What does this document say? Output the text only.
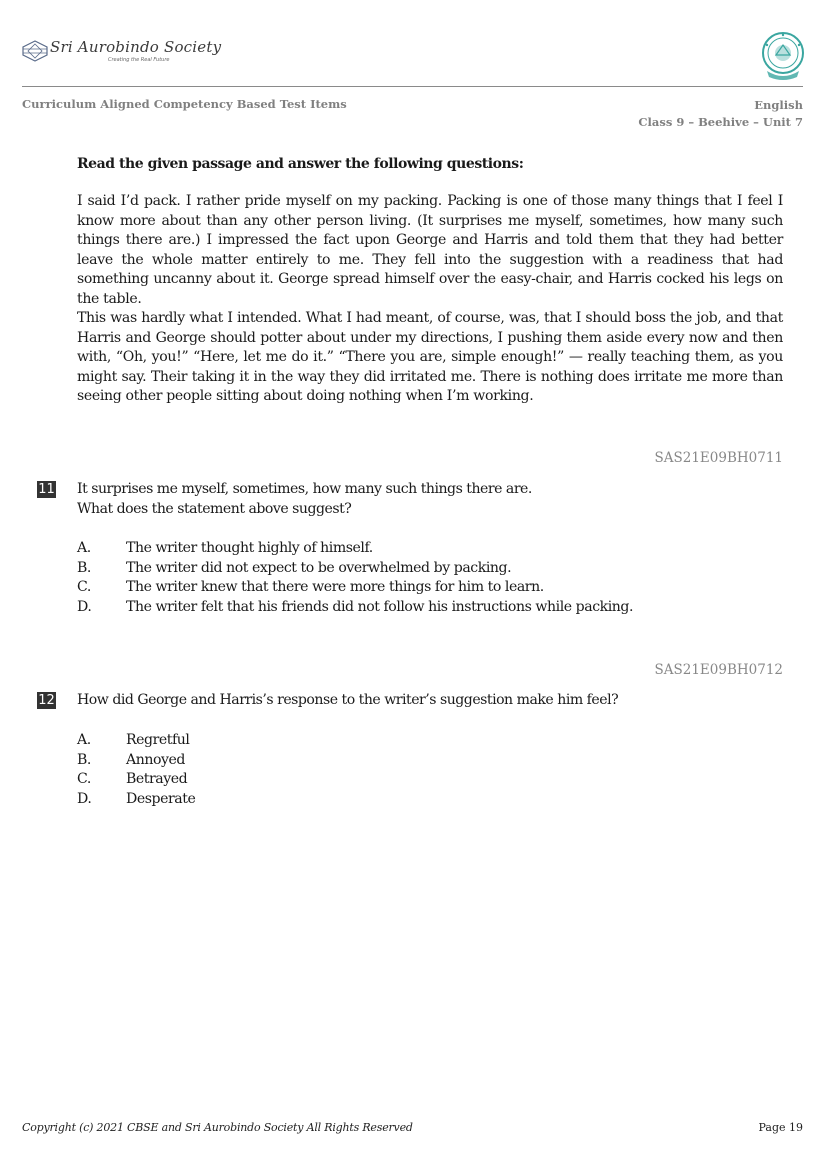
Sri Aurobindo Society
Creating the Real Future
Curriculum Aligned Competency Based Test Items	English
Class 9 – Beehive – Unit 7
Read the given passage and answer the following questions:

I said I’d pack. I rather pride myself on my packing. Packing is one of those many things that I feel I know more about than any other person living. (It surprises me myself, sometimes, how many such things there are.) I impressed the fact upon George and Harris and told them that they had better leave the whole matter entirely to me. They fell into the suggestion with a readiness that had something uncanny about it. George spread himself over the easy-chair, and Harris cocked his legs on the table.

This was hardly what I intended. What I had meant, of course, was, that I should boss the job, and that Harris and George should potter about under my directions, I pushing them aside every now and then with, “Oh, you!” “Here, let me do it.” “There you are, simple enough!” — really teaching them, as you might say. Their taking it in the way they did irritated me. There is nothing does irritate me more than seeing other people sitting about doing nothing when I’m working.

SAS21E09BH0711
11 It surprises me myself, sometimes, how many such things there are.
What does the statement above suggest?
A. The writer thought highly of himself.
B. The writer did not expect to be overwhelmed by packing.
C. The writer knew that there were more things for him to learn.
D. The writer felt that his friends did not follow his instructions while packing.
SAS21E09BH0712
12 How did George and Harris’s response to the writer’s suggestion make him feel?
A. Regretful
B. Annoyed
C. Betrayed
D. Desperate
Copyright (c) 2021 CBSE and Sri Aurobindo Society All Rights Reserved	Page 19
